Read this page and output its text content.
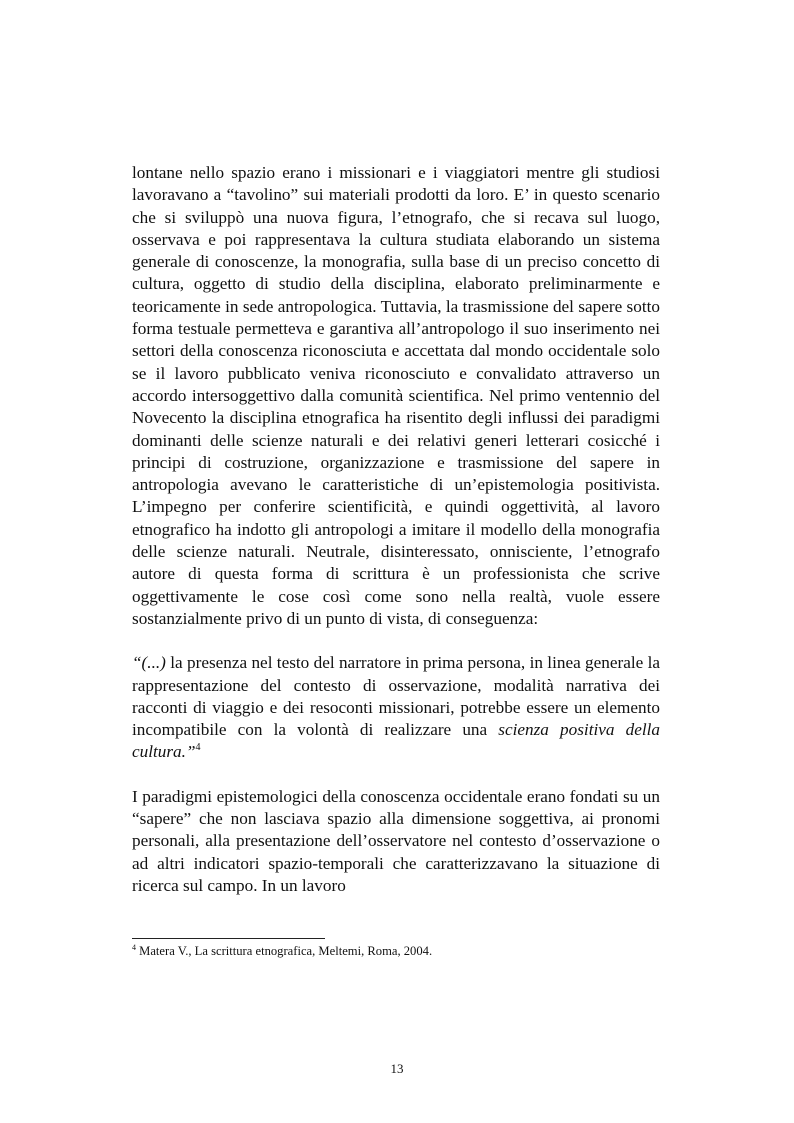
lontane nello spazio erano i missionari e i viaggiatori mentre gli studiosi lavoravano a “tavolino” sui materiali prodotti da loro. E’ in questo scenario che si sviluppò una nuova figura, l’etnografo, che si recava sul luogo, osservava e poi rappresentava la cultura studiata elaborando un sistema generale di conoscenze, la monografia, sulla base di un preciso concetto di cultura, oggetto di studio della disciplina, elaborato preliminarmente e teoricamente in sede antropologica. Tuttavia, la trasmissione del sapere sotto forma testuale permetteva e garantiva all’antropologo il suo inserimento nei settori della conoscenza riconosciuta e accettata dal mondo occidentale solo se il lavoro pubblicato veniva riconosciuto e convalidato attraverso un accordo intersoggettivo dalla comunità scientifica. Nel primo ventennio del Novecento la disciplina etnografica ha risentito degli influssi dei paradigmi dominanti delle scienze naturali e dei relativi generi letterari cosicché i principi di costruzione, organizzazione e trasmissione del sapere in antropologia avevano le caratteristiche di un’epistemologia positivista. L’impegno per conferire scientificità, e quindi oggettività, al lavoro etnografico ha indotto gli antropologi a imitare il modello della monografia delle scienze naturali. Neutrale, disinteressato, onnisciente, l’etnografo autore di questa forma di scrittura è un professionista che scrive oggettivamente le cose così come sono nella realtà, vuole essere sostanzialmente privo di un punto di vista, di conseguenza:

“(...) la presenza nel testo del narratore in prima persona, in linea generale la rappresentazione del contesto di osservazione, modalità narrativa dei racconti di viaggio e dei resoconti missionari, potrebbe essere un elemento incompatibile con la volontà di realizzare una scienza positiva della cultura.”$^4$

I paradigmi epistemologici della conoscenza occidentale erano fondati su un “sapere” che non lasciava spazio alla dimensione soggettiva, ai pronomi personali, alla presentazione dell’osservatore nel contesto d’osservazione o ad altri indicatori spazio-temporali che caratterizzavano la situazione di ricerca sul campo. In un lavoro

$^4$ Matera V., La scrittura etnografica, Meltemi, Roma, 2004.
13
